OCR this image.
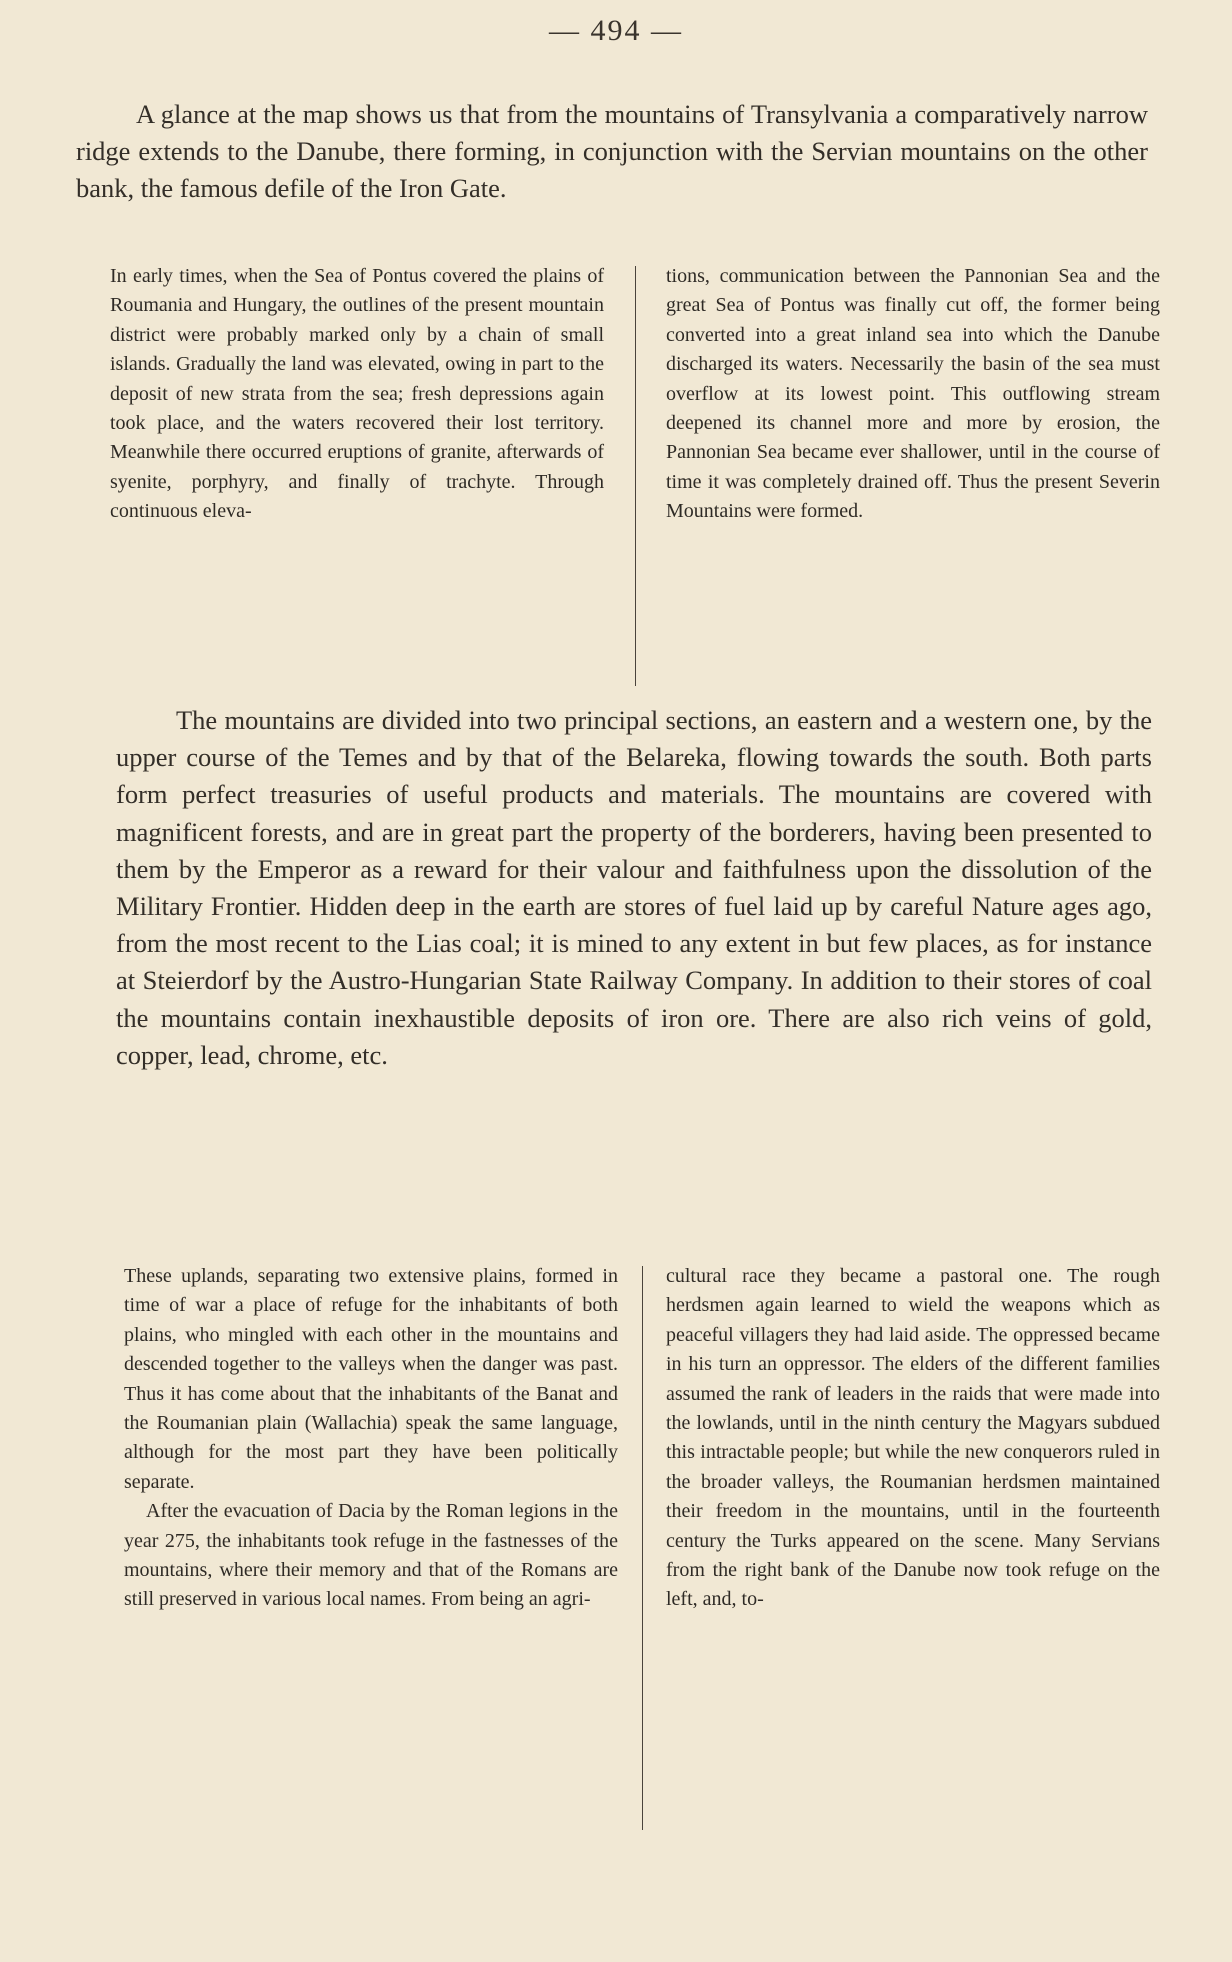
— 494 —

A glance at the map shows us that from the mountains of Transylvania a comparatively narrow ridge extends to the Danube, there forming, in conjunction with the Servian mountains on the other bank, the famous defile of the Iron Gate.

In early times, when the Sea of Pontus covered the plains of Roumania and Hungary, the outlines of the present mountain district were probably marked only by a chain of small islands. Gradually the land was elevated, owing in part to the deposit of new strata from the sea; fresh depressions again took place, and the waters recovered their lost territory. Meanwhile there occurred eruptions of granite, afterwards of syenite, porphyry, and finally of trachyte. Through continuous eleva-

tions, communication between the Pannonian Sea and the great Sea of Pontus was finally cut off, the former being converted into a great inland sea into which the Danube discharged its waters. Necessarily the basin of the sea must overflow at its lowest point. This outflowing stream deepened its channel more and more by erosion, the Pannonian Sea became ever shallower, until in the course of time it was completely drained off. Thus the present Severin Mountains were formed.

The mountains are divided into two principal sections, an eastern and a western one, by the upper course of the Temes and by that of the Belareka, flowing towards the south. Both parts form perfect treasuries of useful products and materials. The mountains are covered with magnificent forests, and are in great part the property of the borderers, having been presented to them by the Emperor as a reward for their valour and faithfulness upon the dissolution of the Military Frontier. Hidden deep in the earth are stores of fuel laid up by careful Nature ages ago, from the most recent to the Lias coal; it is mined to any extent in but few places, as for instance at Steierdorf by the Austro-Hungarian State Railway Company. In addition to their stores of coal the mountains contain inexhaustible deposits of iron ore. There are also rich veins of gold, copper, lead, chrome, etc.

These uplands, separating two extensive plains, formed in time of war a place of refuge for the inhabitants of both plains, who mingled with each other in the mountains and descended together to the valleys when the danger was past. Thus it has come about that the inhabitants of the Banat and the Roumanian plain (Wallachia) speak the same language, although for the most part they have been politically separate.

After the evacuation of Dacia by the Roman legions in the year 275, the inhabitants took refuge in the fastnesses of the mountains, where their memory and that of the Romans are still preserved in various local names. From being an agri-

cultural race they became a pastoral one. The rough herdsmen again learned to wield the weapons which as peaceful villagers they had laid aside. The oppressed became in his turn an oppressor. The elders of the different families assumed the rank of leaders in the raids that were made into the lowlands, until in the ninth century the Magyars subdued this intractable people; but while the new conquerors ruled in the broader valleys, the Roumanian herdsmen maintained their freedom in the mountains, until in the fourteenth century the Turks appeared on the scene. Many Servians from the right bank of the Danube now took refuge on the left, and, to-
